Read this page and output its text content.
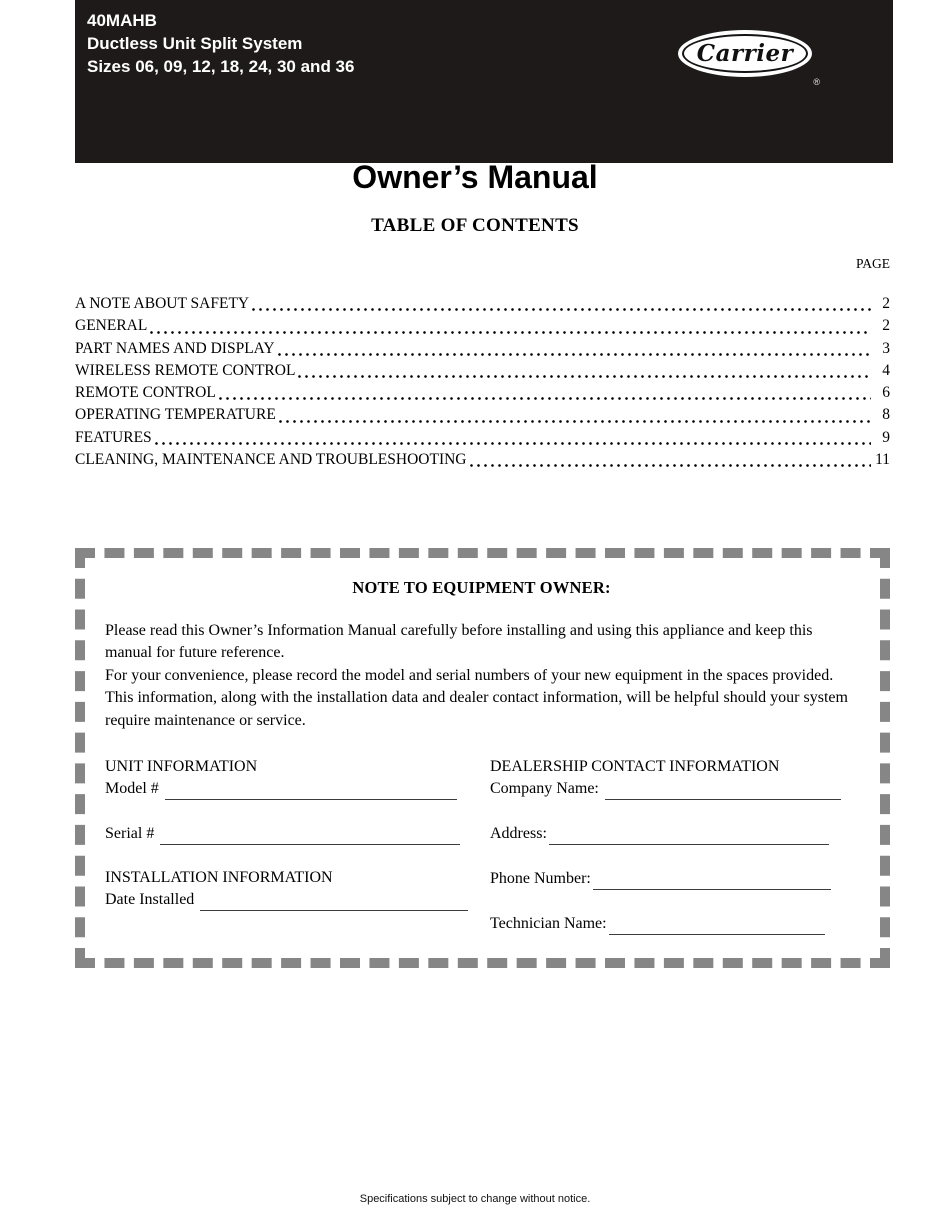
40MAHB
Ductless Unit Split System
Sizes 06, 09, 12, 18, 24, 30 and 36	Carrier
®
Owner’s Manual
TABLE OF CONTENTS
PAGE
A NOTE ABOUT SAFETY	2
GENERAL	2
PART NAMES AND DISPLAY	3
WIRELESS REMOTE CONTROL	4
REMOTE CONTROL	6
OPERATING TEMPERATURE	8
FEATURES	9
CLEANING, MAINTENANCE AND TROUBLESHOOTING	11
NOTE TO EQUIPMENT OWNER:

Please read this Owner’s Information Manual carefully before installing and using this appliance and keep this manual for future reference.

For your convenience, please record the model and serial numbers of your new equipment in the spaces provided. This information, along with the installation data and dealer contact information, will be helpful should your system require maintenance or service.

UNIT INFORMATION
Model #
Serial #
INSTALLATION INFORMATION
Date Installed
DEALERSHIP CONTACT INFORMATION
Company Name:
Address:
Phone Number:
Technician Name:
Specifications subject to change without notice.
